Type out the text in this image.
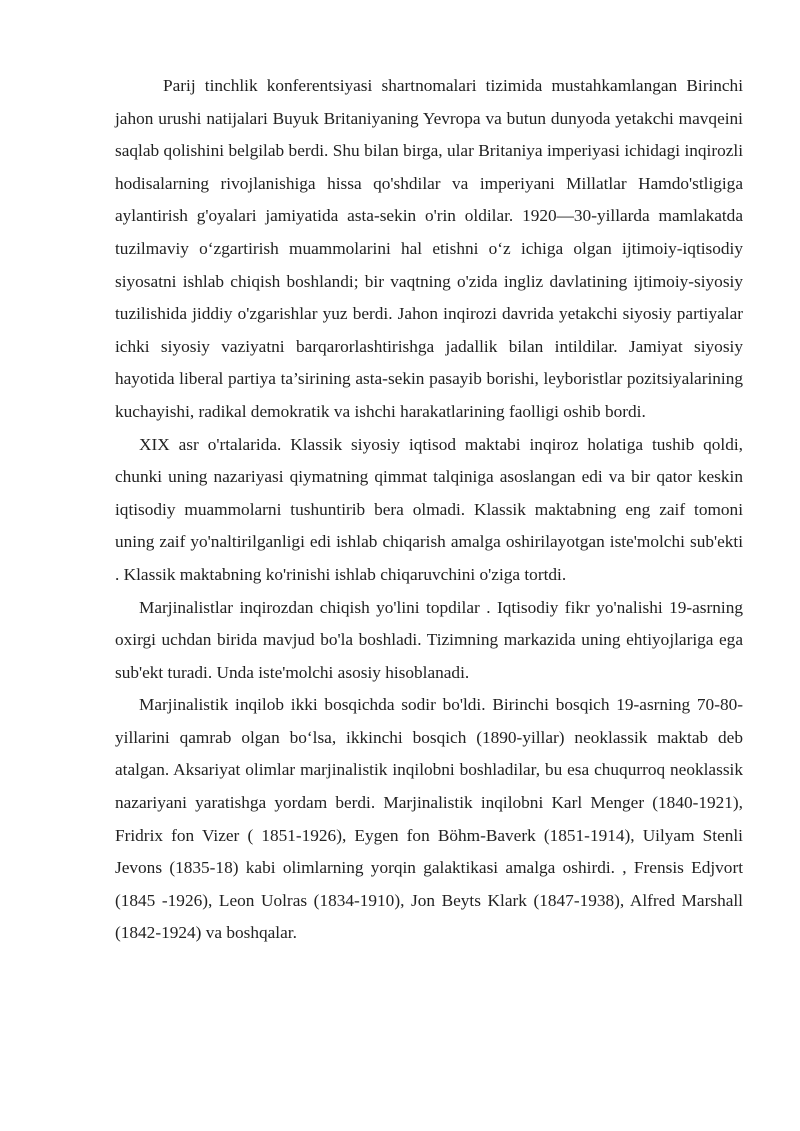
Parij tinchlik konferentsiyasi shartnomalari tizimida mustahkamlangan Birinchi jahon urushi natijalari Buyuk Britaniyaning Yevropa va butun dunyoda yetakchi mavqeini saqlab qolishini belgilab berdi. Shu bilan birga, ular Britaniya imperiyasi ichidagi inqirozli hodisalarning rivojlanishiga hissa qo'shdilar va imperiyani Millatlar Hamdo'stligiga aylantirish g'oyalari jamiyatida asta-sekin o'rin oldilar. 1920—30-yillarda mamlakatda tuzilmaviy o‘zgartirish muammolarini hal etishni o‘z ichiga olgan ijtimoiy-iqtisodiy siyosatni ishlab chiqish boshlandi; bir vaqtning o'zida ingliz davlatining ijtimoiy-siyosiy tuzilishida jiddiy o'zgarishlar yuz berdi. Jahon inqirozi davrida yetakchi siyosiy partiyalar ichki siyosiy vaziyatni barqarorlashtirishga jadallik bilan intildilar. Jamiyat siyosiy hayotida liberal partiya ta’sirining asta-sekin pasayib borishi, leyboristlar pozitsiyalarining kuchayishi, radikal demokratik va ishchi harakatlarining faolligi oshib bordi.

XIX asr o'rtalarida. Klassik siyosiy iqtisod maktabi inqiroz holatiga tushib qoldi, chunki uning nazariyasi qiymatning qimmat talqiniga asoslangan edi va bir qator keskin iqtisodiy muammolarni tushuntirib bera olmadi. Klassik maktabning eng zaif tomoni uning zaif yo'naltirilganligi edi ishlab chiqarish amalga oshirilayotgan iste'molchi sub'ekti . Klassik maktabning ko'rinishi ishlab chiqaruvchini o'ziga tortdi.

Marjinalistlar inqirozdan chiqish yo'lini topdilar . Iqtisodiy fikr yo'nalishi 19-asrning oxirgi uchdan birida mavjud bo'la boshladi. Tizimning markazida unіng ehtiyojlariga ega sub'ekt turadi. Unda iste'molchi asosiy hisoblanadi.

Marjinalistik inqilob ikki bosqichda sodir bo'ldi. Birinchi bosqich 19-asrning 70-80-yillarini qamrab olgan bo‘lsa, ikkinchi bosqich (1890-yillar) neoklassik maktab deb atalgan. Aksariyat olimlar marjinalistik inqilobni boshladilar, bu esa chuqurroq neoklassik nazariyani yaratishga yordam berdi. Marjinalistik inqilobni Karl Menger (1840-1921), Fridrix fon Vizer ( 1851-1926), Eygen fon Böhm-Baverk (1851-1914), Uilyam Stenli Jevons (1835-18) kabi olimlarning yorqin galaktikasi amalga oshirdi. , Frensis Edjvort (1845 -1926), Leon Uolras (1834-1910), Jon Beyts Klark (1847-1938), Alfred Marshall (1842-1924) va boshqalar.
